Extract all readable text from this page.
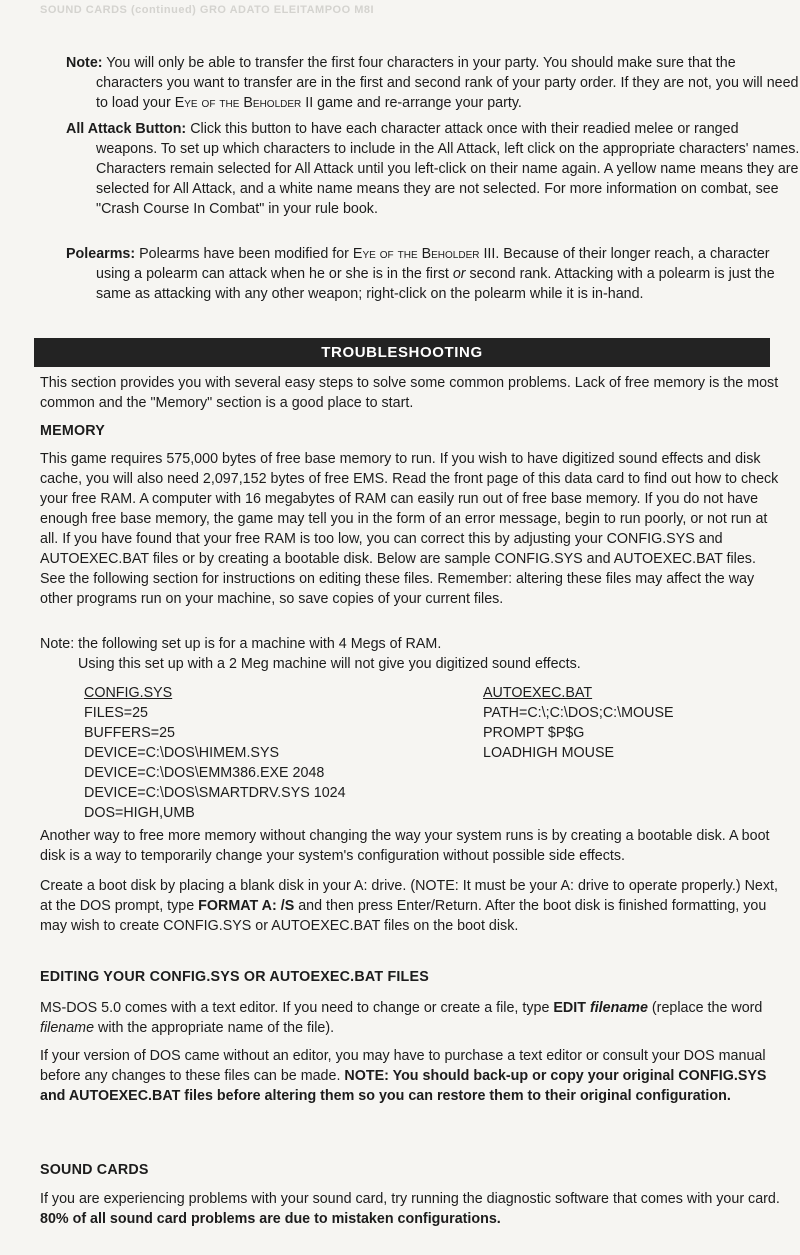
SOUND CARDS (continued) GRO ADATO ELEITAMPOO M8I

Note: You will only be able to transfer the first four characters in your party. You should make sure that the characters you want to transfer are in the first and second rank of your party order. If they are not, you will need to load your Eye of the Beholder II game and re-arrange your party.

All Attack Button: Click this button to have each character attack once with their readied melee or ranged weapons. To set up which characters to include in the All Attack, left click on the appropriate characters' names. Characters remain selected for All Attack until you left-click on their name again. A yellow name means they are selected for All Attack, and a white name means they are not selected. For more information on combat, see "Crash Course In Combat" in your rule book.

Polearms: Polearms have been modified for Eye of the Beholder III. Because of their longer reach, a character using a polearm can attack when he or she is in the first or second rank. Attacking with a polearm is just the same as attacking with any other weapon; right-click on the polearm while it is in-hand.

TROUBLESHOOTING

This section provides you with several easy steps to solve some common problems. Lack of free memory is the most common and the "Memory" section is a good place to start.

MEMORY

This game requires 575,000 bytes of free base memory to run. If you wish to have digitized sound effects and disk cache, you will also need 2,097,152 bytes of free EMS. Read the front page of this data card to find out how to check your free RAM. A computer with 16 megabytes of RAM can easily run out of free base memory. If you do not have enough free base memory, the game may tell you in the form of an error message, begin to run poorly, or not run at all. If you have found that your free RAM is too low, you can correct this by adjusting your CONFIG.SYS and AUTOEXEC.BAT files or by creating a bootable disk. Below are sample CONFIG.SYS and AUTOEXEC.BAT files. See the following section for instructions on editing these files. Remember: altering these files may affect the way other programs run on your machine, so save copies of your current files.

Note: the following set up is for a machine with 4 Megs of RAM.

Using this set up with a 2 Meg machine will not give you digitized sound effects.

CONFIG.SYS
FILES=25
BUFFERS=25
DEVICE=C:\DOS\HIMEM.SYS
DEVICE=C:\DOS\EMM386.EXE 2048
DEVICE=C:\DOS\SMARTDRV.SYS 1024
DOS=HIGH,UMB
AUTOEXEC.BAT
PATH=C:\;C:\DOS;C:\MOUSE
PROMPT $P$G
LOADHIGH MOUSE

Another way to free more memory without changing the way your system runs is by creating a bootable disk. A boot disk is a way to temporarily change your system's configuration without possible side effects.

Create a boot disk by placing a blank disk in your A: drive. (NOTE: It must be your A: drive to operate properly.) Next, at the DOS prompt, type FORMAT A: /S and then press Enter/Return. After the boot disk is finished formatting, you may wish to create CONFIG.SYS or AUTOEXEC.BAT files on the boot disk.

EDITING YOUR CONFIG.SYS OR AUTOEXEC.BAT FILES

MS-DOS 5.0 comes with a text editor. If you need to change or create a file, type EDIT filename (replace the word filename with the appropriate name of the file).

If your version of DOS came without an editor, you may have to purchase a text editor or consult your DOS manual before any changes to these files can be made. NOTE: You should back-up or copy your original CONFIG.SYS and AUTOEXEC.BAT files before altering them so you can restore them to their original configuration.

SOUND CARDS

If you are experiencing problems with your sound card, try running the diagnostic software that comes with your card. 80% of all sound card problems are due to mistaken configurations.
